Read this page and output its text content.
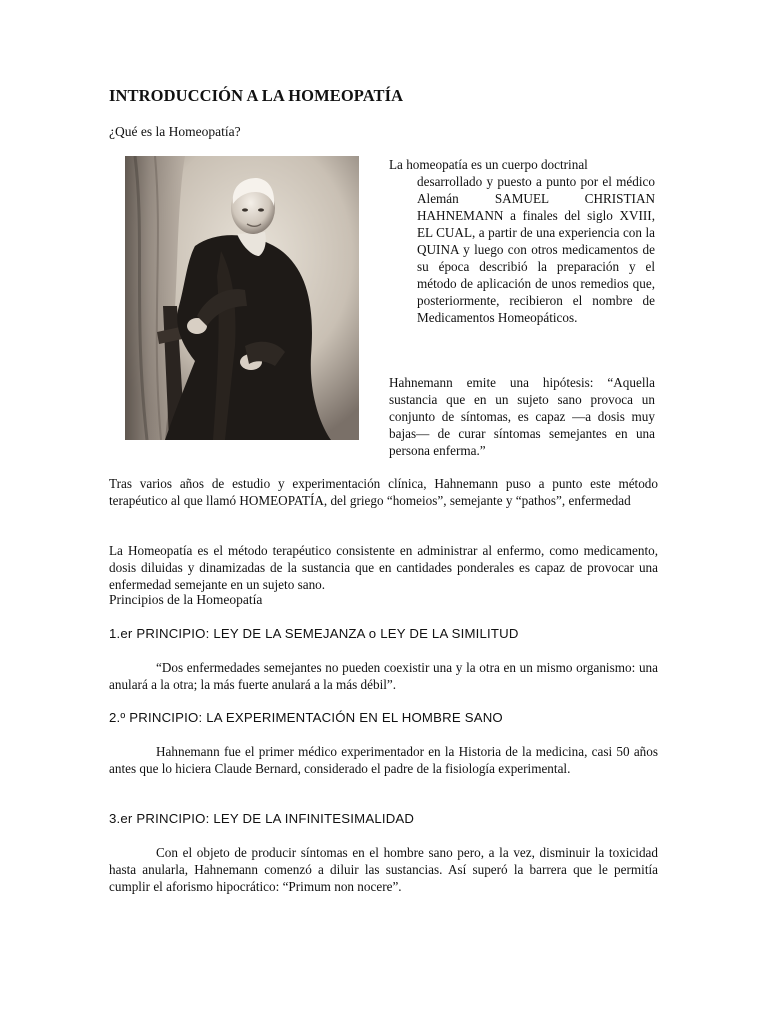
INTRODUCCIÓN A LA HOMEOPATÍA
¿Qué es la Homeopatía?
La homeopatía es un cuerpo doctrinal
desarrollado y puesto a punto por el médico Alemán SAMUEL CHRISTIAN HAHNEMANN a finales del siglo XVIII, EL CUAL, a partir de una experiencia con la QUINA y luego con otros medicamentos de su época describió la preparación y el método de aplicación de unos remedios que, posteriormente, recibieron el nombre de Medicamentos Homeopáticos.
Hahnemann emite una hipótesis: “Aquella sustancia que en un sujeto sano provoca un conjunto de síntomas, es capaz —a dosis muy bajas— de curar síntomas semejantes en una persona enferma.”
Tras varios años de estudio y experimentación clínica, Hahnemann puso a punto este método terapéutico al que llamó HOMEOPATÍA, del griego “homeios”, semejante y “pathos”, enfermedad
La Homeopatía es el método terapéutico consistente en administrar al enfermo, como medicamento, dosis diluidas y dinamizadas de la sustancia que en cantidades ponderales es capaz de provocar una enfermedad semejante en un sujeto sano.
Principios de la Homeopatía
1.er PRINCIPIO: LEY DE LA SEMEJANZA o LEY DE LA SIMILITUD
“Dos enfermedades semejantes no pueden coexistir una y la otra en un mismo organismo: una anulará a la otra; la más fuerte anulará a la más débil”.
2.º PRINCIPIO: LA EXPERIMENTACIÓN EN EL HOMBRE SANO
Hahnemann fue el primer médico experimentador en la Historia de la medicina, casi 50 años antes que lo hiciera Claude Bernard, considerado el padre de la fisiología experimental.
3.er PRINCIPIO: LEY DE LA INFINITESIMALIDAD
Con el objeto de producir síntomas en el hombre sano pero, a la vez, disminuir la toxicidad hasta anularla, Hahnemann comenzó a diluir las sustancias. Así superó la barrera que le permitía cumplir el aforismo hipocrático: “Primum non nocere”.
